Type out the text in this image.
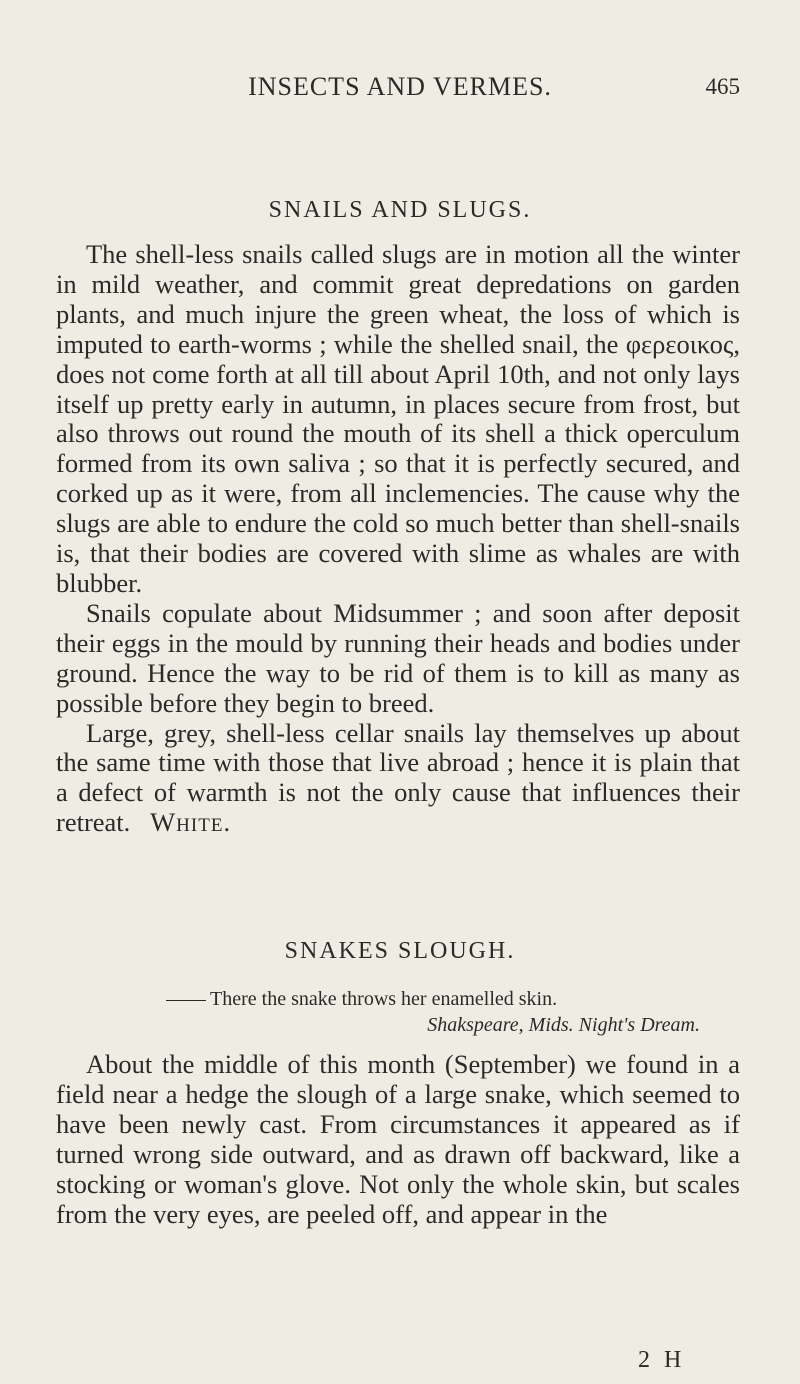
INSECTS AND VERMES.	465
SNAILS AND SLUGS.

The shell-less snails called slugs are in motion all the winter in mild weather, and commit great depredations on garden plants, and much injure the green wheat, the loss of which is imputed to earth-worms ; while the shelled snail, the φερεοικος, does not come forth at all till about April 10th, and not only lays itself up pretty early in autumn, in places secure from frost, but also throws out round the mouth of its shell a thick operculum formed from its own saliva ; so that it is perfectly secured, and corked up as it were, from all inclemencies. The cause why the slugs are able to endure the cold so much better than shell-snails is, that their bodies are covered with slime as whales are with blubber.

Snails copulate about Midsummer ; and soon after deposit their eggs in the mould by running their heads and bodies under ground. Hence the way to be rid of them is to kill as many as possible before they begin to breed.

Large, grey, shell-less cellar snails lay themselves up about the same time with those that live abroad ; hence it is plain that a defect of warmth is not the only cause that influences their retreat. White.

SNAKES SLOUGH.
There the snake throws her enamelled skin.
Shakspeare, Mids. Night's Dream.

About the middle of this month (September) we found in a field near a hedge the slough of a large snake, which seemed to have been newly cast. From circumstances it appeared as if turned wrong side outward, and as drawn off backward, like a stocking or woman's glove. Not only the whole skin, but scales from the very eyes, are peeled off, and appear in the

2 H
